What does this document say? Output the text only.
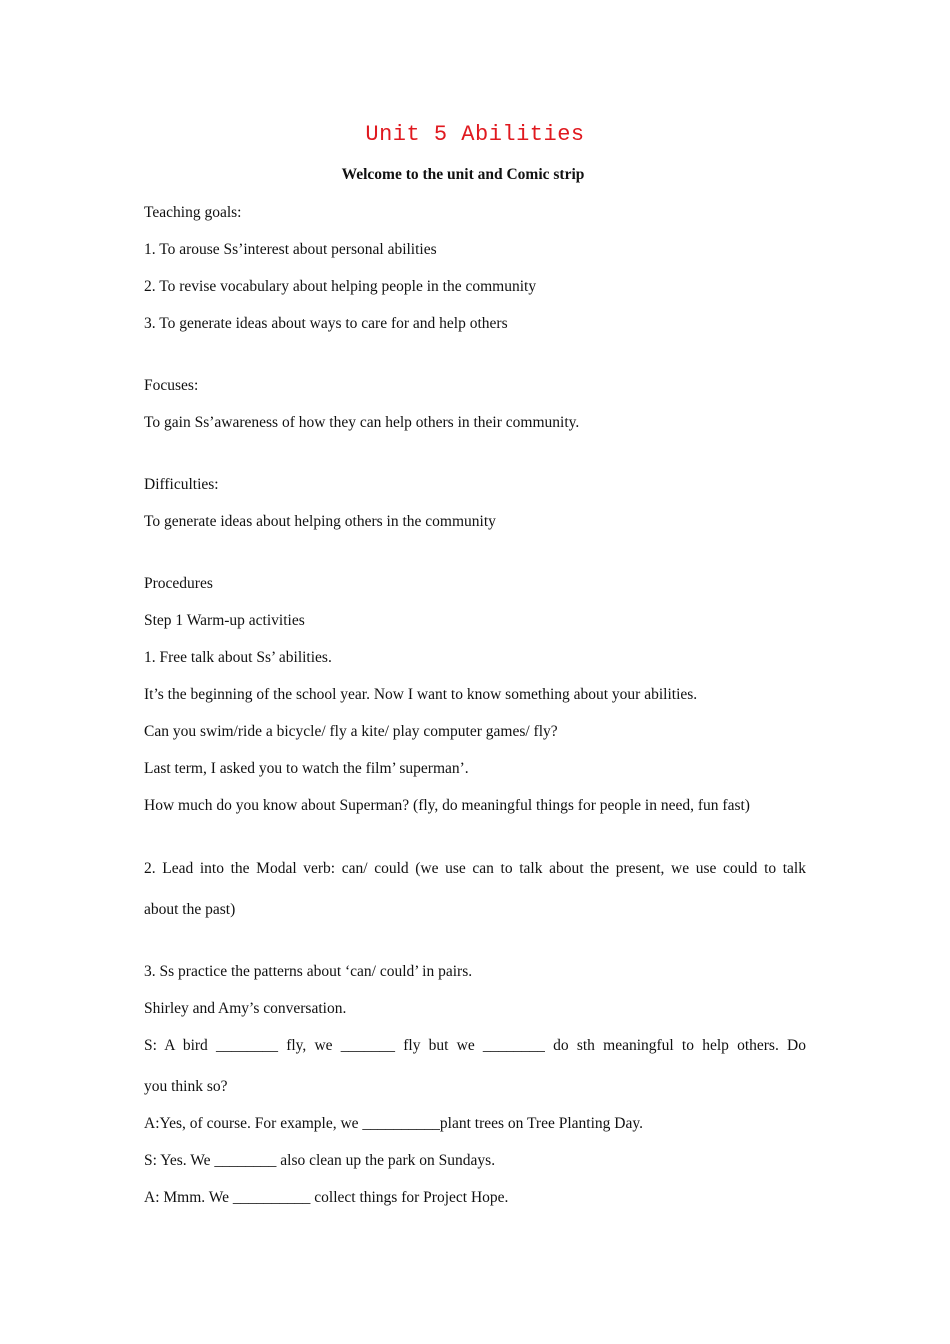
Unit 5 Abilities
Welcome to the unit and Comic strip
Teaching goals:
1. To arouse Ss’interest about personal abilities
2. To revise vocabulary about helping people in the community
3. To generate ideas about ways to care for and help others
Focuses:
To gain Ss’awareness of how they can help others in their community.
Difficulties:
To generate ideas about helping others in the community
Procedures
Step 1 Warm-up activities
1. Free talk about Ss’ abilities.
It’s the beginning of the school year. Now I want to know something about your abilities.
Can you swim/ride a bicycle/ fly a kite/ play computer games/ fly?
Last term, I asked you to watch the film’ superman’.
How much do you know about Superman? (fly, do meaningful things for people in need, fun fast)
2. Lead into the Modal verb: can/ could (we use can to talk about the present, we use could to talk
about the past)
3. Ss practice the patterns about ‘can/ could’ in pairs.
Shirley and Amy’s conversation.
S: A bird ________ fly, we _______ fly but we ________ do sth meaningful to help others. Do
you think so?
A:Yes, of course. For example, we __________plant trees on Tree Planting Day.
S: Yes. We ________ also clean up the park on Sundays.
A: Mmm. We __________ collect things for Project Hope.
